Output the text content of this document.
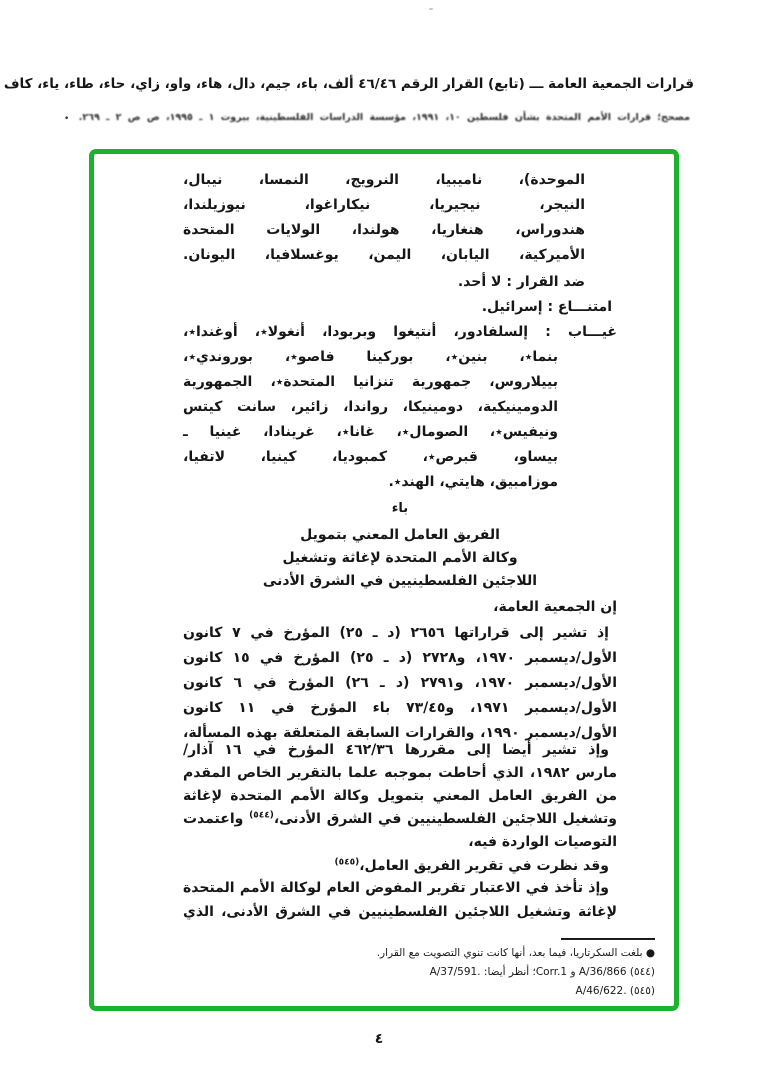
قرارات الجمعية العامة ـــ (تابع) القرار الرقم ٤٦/٤٦ ألف، باء، جيم، دال، هاء، واو، زاي، حاء، طاء، ياء، كاف
• مصحح؛ قرارات الأمم المتحدة بشأن فلسطين ١٠، ١٩٩١، مؤسسة الدراسات الفلسطينية، بيروت ١ ـ ١٩٩٥، ص ص ٢ ـ ٢٦٩.
الموحدة)، ناميبيا، النرويج، النمسا، نيبال،
النيجر، نيجيريا، نيكاراغوا، نيوزيلندا،
هندوراس، هنغاريا، هولندا، الولايات المتحدة
الأميركية، اليابان، اليمن، يوغسلافيا، اليونان.
ضد القرار : لا أحد.
امتنـــاع : إسرائيل.
غيـــاب : إلسلفادور، أنتيغوا وبربودا، أنغولا٭، أوغندا٭،
بنما٭، بنين٭، بوركينا فاصو٭، بوروندي٭،
بييلاروس، جمهورية تنزانيا المتحدة٭، الجمهورية
الدومينيكية، دومينيكا، رواندا، زائير، سانت كيتس
ونيفيس٭، الصومال٭، غانا٭، غرينادا، غينيا ـ
بيساو، قبرص٭، كمبوديا، كينيا، لاتفيا،
موزامبيق، هايتي، الهند٭.
باء
الفريق العامل المعني بتمويل
وكالة الأمم المتحدة لإغاثة وتشغيل
اللاجئين الفلسطينيين في الشرق الأدنى
إن الجمعية العامة،
إذ تشير إلى قراراتها ٢٦٥٦ (د ـ ٢٥) المؤرخ في ٧ كانون
الأول/ديسمبر ١٩٧٠، و٢٧٢٨ (د ـ ٢٥) المؤرخ في ١٥ كانون
الأول/ديسمبر ١٩٧٠، و٢٧٩١ (د ـ ٢٦) المؤرخ في ٦ كانون
الأول/ديسمبر ١٩٧١، و٧٣/٤٥ باء المؤرخ في ١١ كانون
الأول/ديسمبر ١٩٩٠، والقرارات السابقة المتعلقة بهذه المسألة،
وإذ تشير أيضا إلى مقررها ٤٦٢/٣٦ المؤرخ في ١٦ آذار/
مارس ١٩٨٢، الذي أحاطت بموجبه علما بالتقرير الخاص المقدم
من الفريق العامل المعني بتمويل وكالة الأمم المتحدة لإغاثة
وتشغيل اللاجئين الفلسطينيين في الشرق الأدنى،$^{(٥٤٤)}$ واعتمدت
التوصيات الواردة فيه،
وقد نظرت في تقرير الفريق العامل،$^{(٥٤٥)}$
وإذ تأخذ في الاعتبار تقرير المفوض العام لوكالة الأمم المتحدة
لإغاثة وتشغيل اللاجئين الفلسطينيين في الشرق الأدنى، الذي
● بلغت السكرتاريا، فيما بعد، أنها كانت تنوي التصويت مع القرار.
(٥٤٤) A/36/866 و Corr.1؛ أنظر أيضا: A/37/591.‎
(٥٤٥) A/46/622.‎
٤
